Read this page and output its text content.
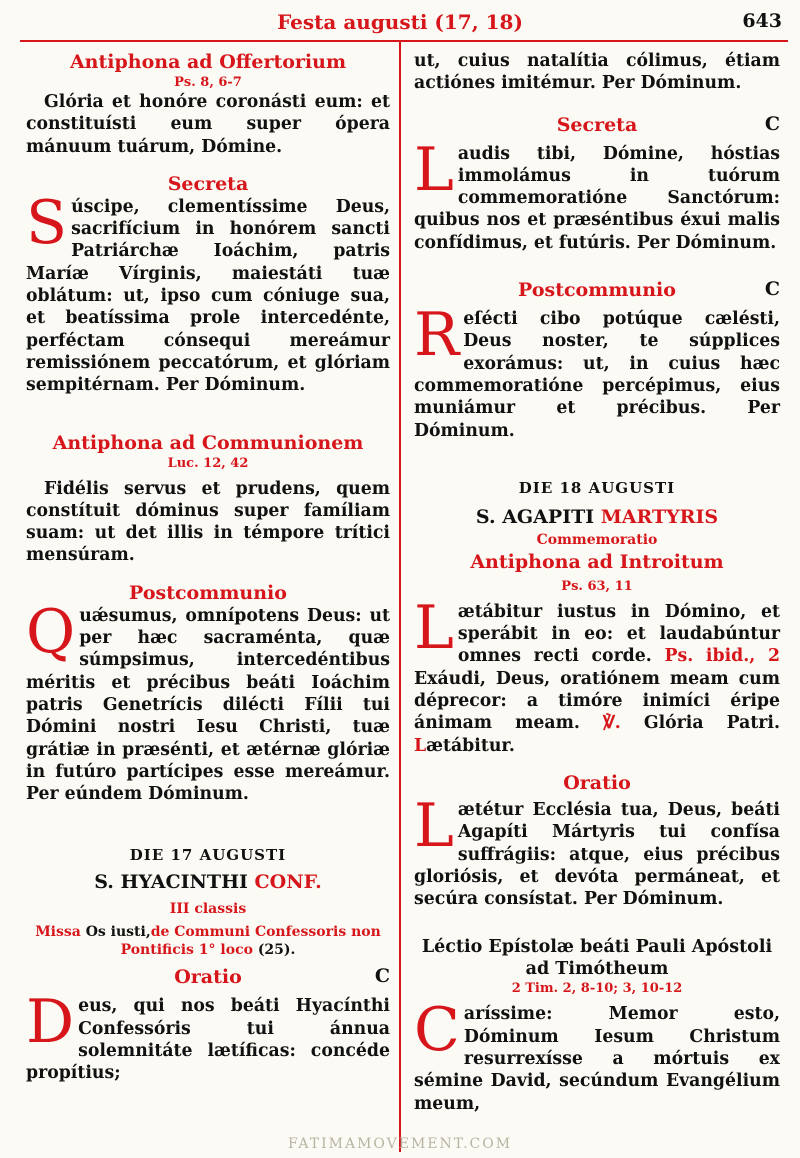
Festa augusti (17, 18)	643
Antiphona ad Offertorium
Ps. 8, 6-7
Glória et honóre coronásti eum: et constituísti eum super ópera mánuum tuárum, Dómine.
Secreta
S úscipe, clementíssime Deus, sacrifícium in honórem sancti Patriárchæ Ioáchim, patris Maríæ Vírginis, maiestáti tuæ oblátum: ut, ipso cum cóniuge sua, et beatíssima prole intercedénte, perféctam cónsequi mereámur remissiónem peccatórum, et glóriam sempitérnam. Per Dóminum.
Antiphona ad Communionem
Luc. 12, 42
Fidélis servus et prudens, quem constítuit dóminus super famíliam suam: ut det illis in témpore trítici mensúram.
Postcommunio
Q uǽsumus, omnípotens Deus: ut per hæc sacraménta, quæ súmpsimus, intercedéntibus méritis et précibus beáti Ioáchim patris Genetrícis dilécti Fílii tui Dómini nostri Iesu Christi, tuæ grátiæ in præsénti, et ætérnæ glóriæ in futúro partícipes esse mereámur. Per eúndem Dóminum.
DIE 17 AUGUSTI
S. HYACINTHI CONF.
III classis
Missa Os iusti,de Communi Confessoris non Pontificis 1° loco (25).
Oratio	C
D eus, qui nos beáti Hyacínthi Confessóris tui ánnua solemnitáte lætíficas: concéde propítius;
ut, cuius natalítia cólimus, étiam actiónes imitémur. Per Dóminum.
Secreta	C
L audis tibi, Dómine, hóstias immolámus in tuórum commemoratióne Sanctórum: quibus nos et præséntibus éxui malis confídimus, et futúris. Per Dóminum.
Postcommunio	C
R eſécti cibo potúque cælésti, Deus noster, te súpplices exorámus: ut, in cuius hæc commemoratióne percépimus, eius muniámur et précibus. Per Dóminum.
DIE 18 AUGUSTI
S. AGAPITI MARTYRIS
Commemoratio
Antiphona ad Introitum
Ps. 63, 11
L ætábitur iustus in Dómino, et sperábit in eo: et laudabúntur omnes recti corde. Ps. ibid., 2 Exáudi, Deus, oratiónem meam cum déprecor: a timóre inimíci éripe ánimam meam. ℣. Glória Patri. Lætábitur.
Oratio
L ætétur Ecclésia tua, Deus, beáti Agapíti Mártyris tui confísa suffrágiis: atque, eius précibus gloriósis, et devóta permáneat, et secúra consístat. Per Dóminum.
Léctio Epístolæ beáti Pauli Apóstoli ad Timótheum
2 Tim. 2, 8-10; 3, 10-12
C aríssime: Memor esto, Dóminum Iesum Christum resurrexísse a mórtuis ex sémine David, secúndum Evangélium meum,
FATIMAMOVEMENT.COM
